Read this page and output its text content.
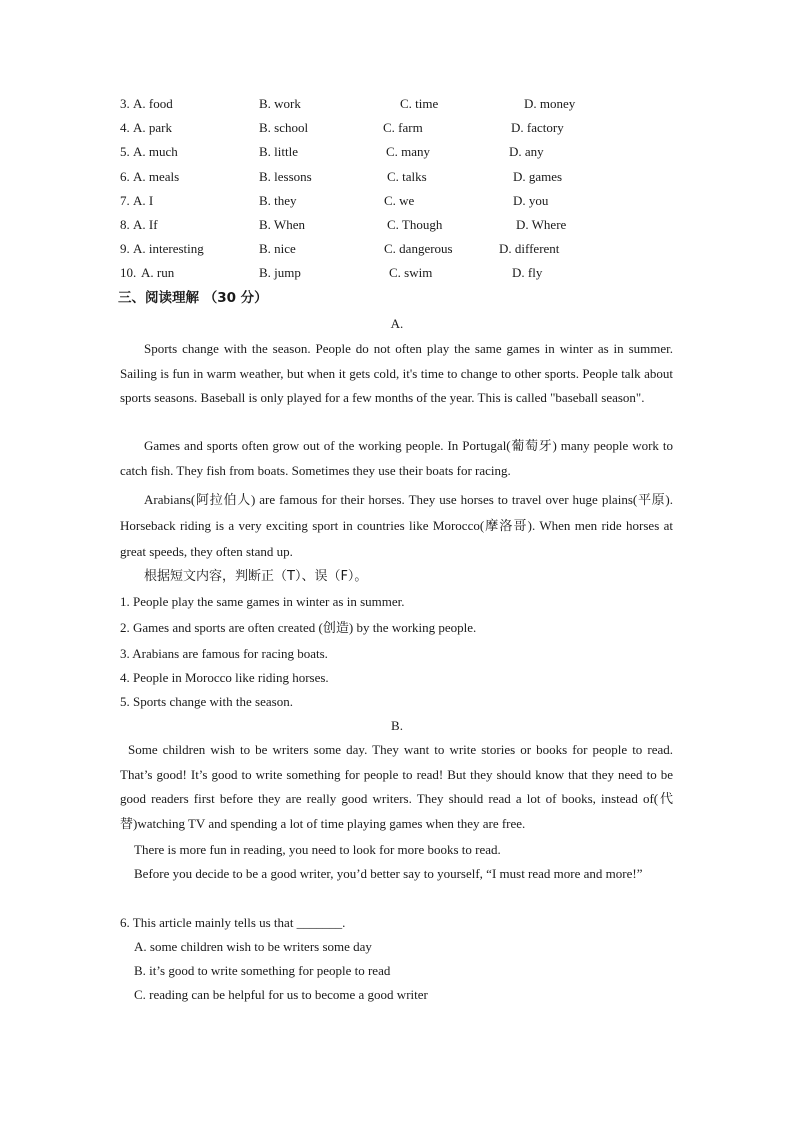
3. A. food	B. work	C. time	D. money
4. A. park	B. school	C. farm	D. factory
5. A. much	B. little	C. many	D. any
6. A. meals	B. lessons	C. talks	D. games
7. A. I	B. they	C. we	D. you
8. A. If	B. When	C. Though	D. Where
9. A. interesting	B. nice	C. dangerous	D. different
10. A. run	B. jump	C. swim	D. fly
三、阅读理解 （30 分）
A.

Sports change with the season. People do not often play the same games in winter as in summer. Sailing is fun in warm weather, but when it gets cold, it's time to change to other sports. People talk about sports seasons. Baseball is only played for a few months of the year. This is called "baseball season".

Games and sports often grow out of the working people. In Portugal(葡萄牙) many people work to catch fish. They fish from boats. Sometimes they use their boats for racing.

Arabians(阿拉伯人) are famous for their horses. They use horses to travel over huge plains(平原). Horseback riding is a very exciting sport in countries like Morocco(摩洛哥). When men ride horses at great speeds, they often stand up.

根据短文内容，判断正（T）、误（F）。
1. People play the same games in winter as in summer.
2. Games and sports are often created (创造) by the working people.
3. Arabians are famous for racing boats.
4. People in Morocco like riding horses.
5. Sports change with the season.
B.

Some children wish to be writers some day. They want to write stories or books for people to read. That’s good! It’s good to write something for people to read! But they should know that they need to be good readers first before they are really good writers. They should read a lot of books, instead of(代替)watching TV and spending a lot of time playing games when they are free.

There is more fun in reading, you need to look for more books to read.

Before you decide to be a good writer, you’d better say to yourself, “I must read more and more!”

6. This article mainly tells us that _______.
A. some children wish to be writers some day
B. it’s good to write something for people to read
C. reading can be helpful for us to become a good writer
